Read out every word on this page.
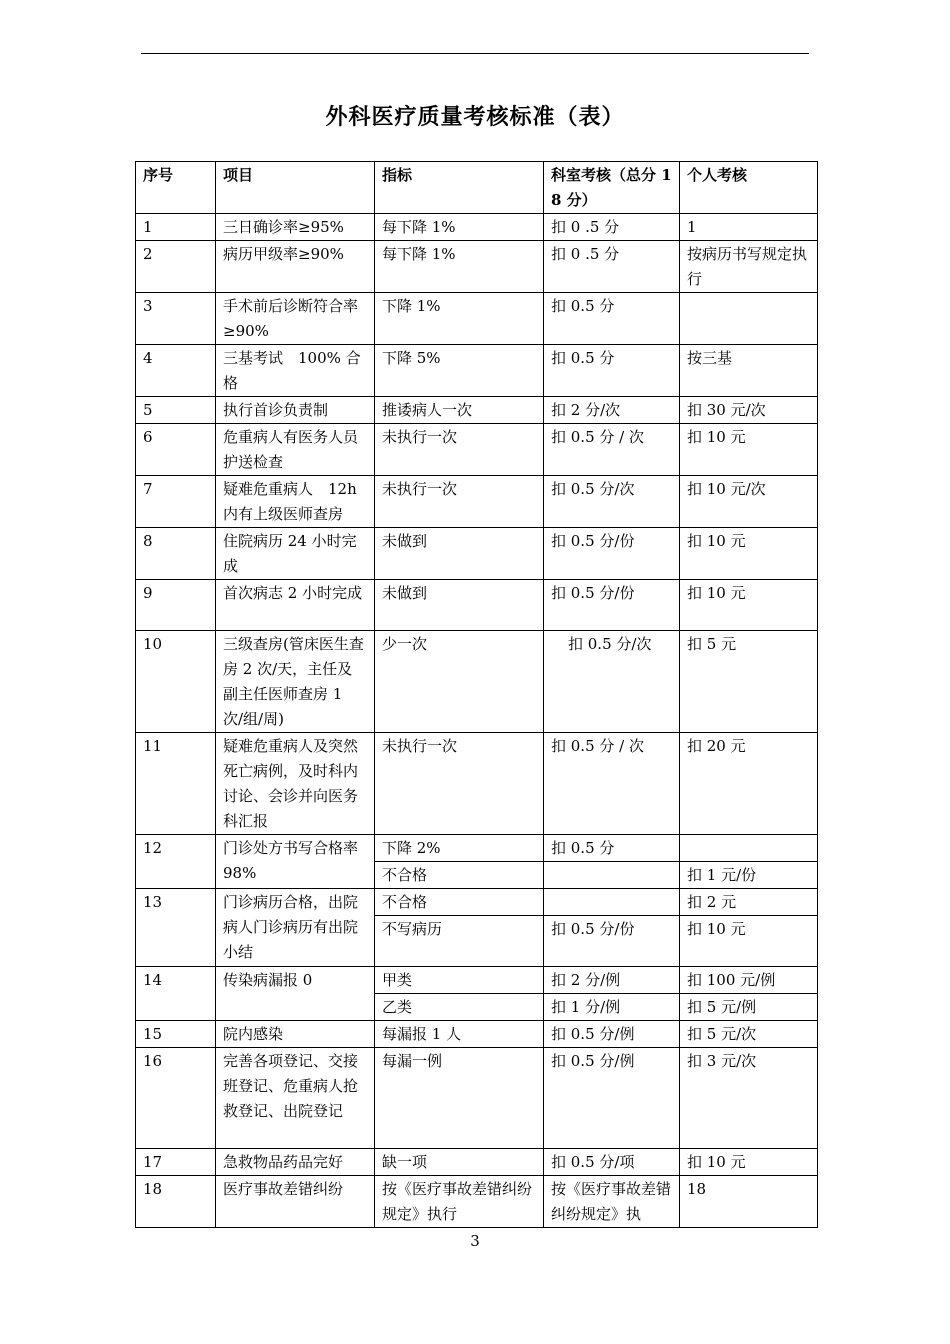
外科医疗质量考核标准（表）
序号	项目	指标	科室考核（总分 18 分）	个人考核
1	三日确诊率≥95%	每下降 1%	扣 0 .5 分	1
2	病历甲级率≥90%	每下降 1%	扣 0 .5 分	按病历书写规定执行
3	手术前后诊断符合率≥90%	下降 1%	扣 0.5 分	
4	三基考试　100% 合格	下降 5%	扣 0.5 分	按三基
5	执行首诊负责制	推诿病人一次	扣 2 分/次	扣 30 元/次
6	危重病人有医务人员护送检查	未执行一次	扣 0.5 分 / 次	扣 10 元
7	疑难危重病人　12h 内有上级医师查房	未执行一次	扣 0.5 分/次	扣 10 元/次
8	住院病历 24 小时完成	未做到	扣 0.5 分/份	扣 10 元
9	首次病志 2 小时完成	未做到	扣 0.5 分/份	扣 10 元
10	三级查房(管床医生查房 2 次/天，主任及副主任医师查房 1 次/组/周)	少一次	扣 0.5 分/次	扣 5 元
11	疑难危重病人及突然死亡病例，及时科内讨论、会诊并向医务科汇报	未执行一次	扣 0.5 分 / 次	扣 20 元
12	门诊处方书写合格率 98%	下降 2%	扣 0.5 分	
		不合格		扣 1 元/份
13	门诊病历合格，出院病人门诊病历有出院小结	不合格		扣 2 元
		不写病历	扣 0.5 分/份	扣 10 元
14	传染病漏报 0	甲类	扣 2 分/例	扣 100 元/例
		乙类	扣 1 分/例	扣 5 元/例
15	院内感染	每漏报 1 人	扣 0.5 分/例	扣 5 元/次
16	完善各项登记、交接班登记、危重病人抢救登记、出院登记	每漏一例	扣 0.5 分/例	扣 3 元/次
17	急救物品药品完好	缺一项	扣 0.5 分/项	扣 10 元
18	医疗事故差错纠纷	按《医疗事故差错纠纷规定》执行	按《医疗事故差错纠纷规定》执	18
3
